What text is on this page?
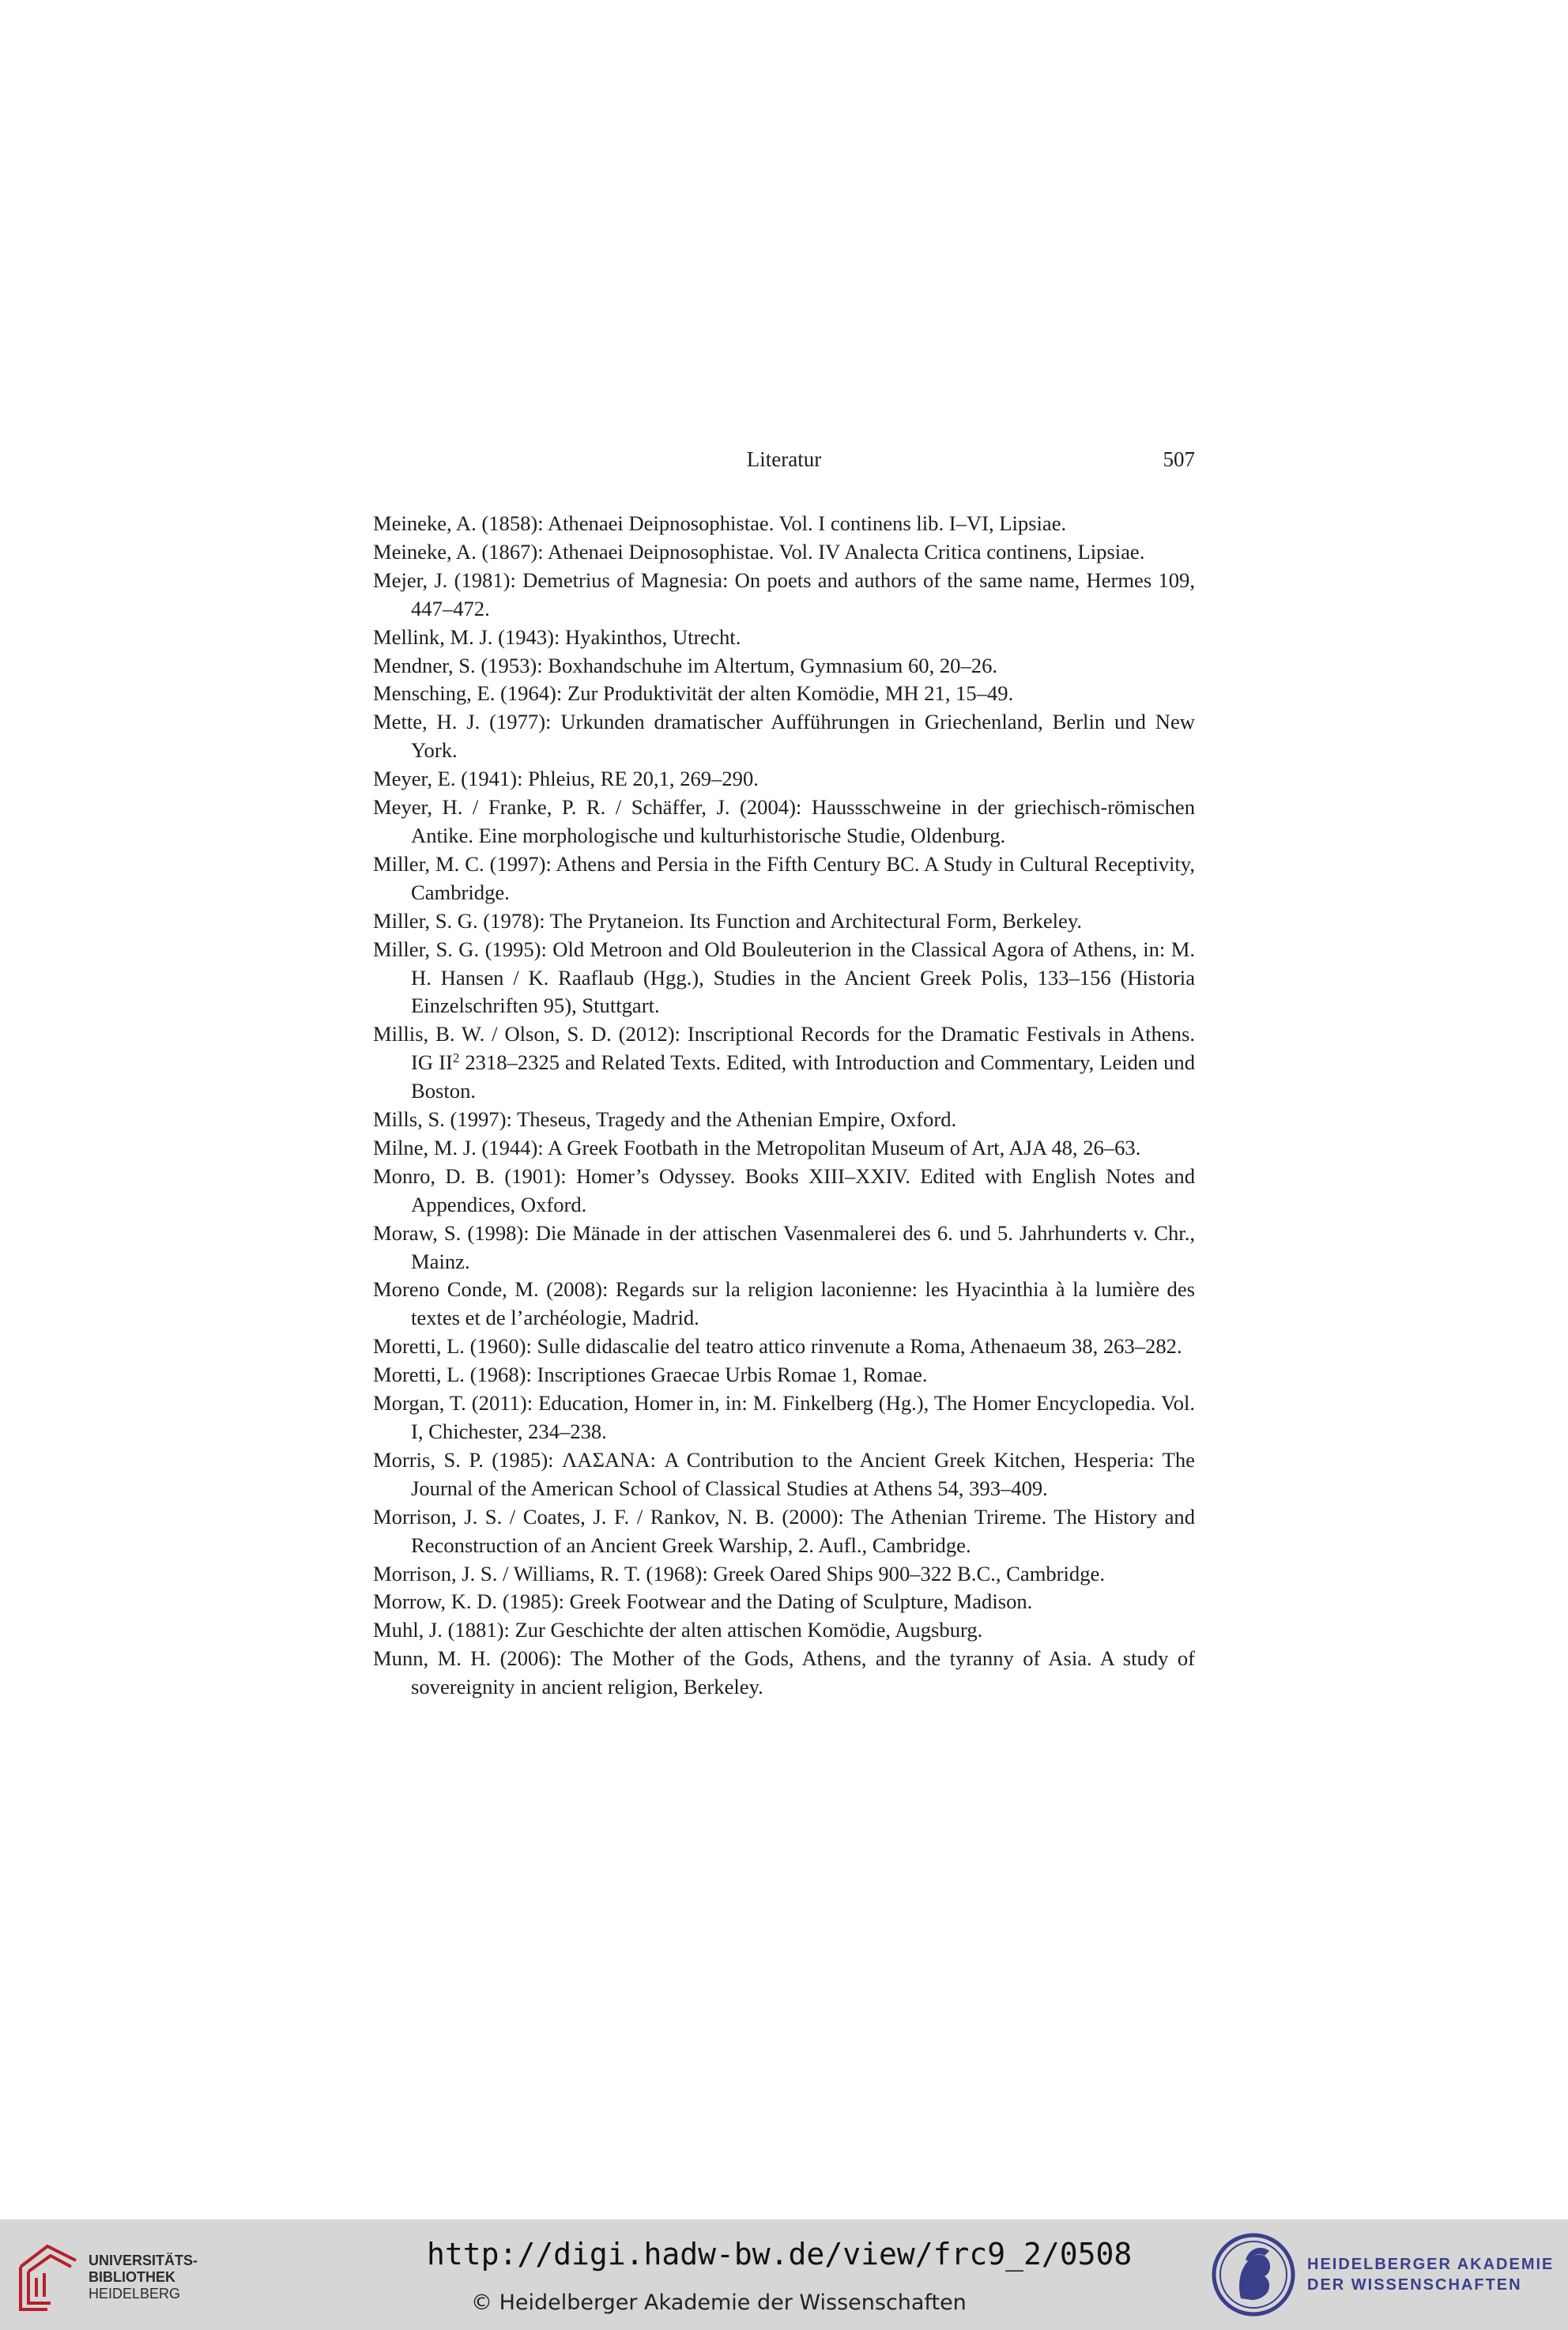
Literatur	507
Meineke, A. (1858): Athenaei Deipnosophistae. Vol. I continens lib. I–VI, Lipsiae.
Meineke, A. (1867): Athenaei Deipnosophistae. Vol. IV Analecta Critica continens, Lipsiae.
Mejer, J. (1981): Demetrius of Magnesia: On poets and authors of the same name, Hermes 109, 447–472.
Mellink, M. J. (1943): Hyakinthos, Utrecht.
Mendner, S. (1953): Boxhandschuhe im Altertum, Gymnasium 60, 20–26.
Mensching, E. (1964): Zur Produktivität der alten Komödie, MH 21, 15–49.
Mette, H. J. (1977): Urkunden dramatischer Aufführungen in Griechenland, Berlin und New York.
Meyer, E. (1941): Phleius, RE 20,1, 269–290.
Meyer, H. / Franke, P. R. / Schäffer, J. (2004): Haussschweine in der griechisch-römischen Antike. Eine morphologische und kulturhistorische Studie, Oldenburg.
Miller, M. C. (1997): Athens and Persia in the Fifth Century BC. A Study in Cultural Receptivity, Cambridge.
Miller, S. G. (1978): The Prytaneion. Its Function and Architectural Form, Berkeley.
Miller, S. G. (1995): Old Metroon and Old Bouleuterion in the Classical Agora of Athens, in: M. H. Hansen / K. Raaflaub (Hgg.), Studies in the Ancient Greek Polis, 133–156 (Historia Einzelschriften 95), Stuttgart.
Millis, B. W. / Olson, S. D. (2012): Inscriptional Records for the Dramatic Festivals in Athens. IG $II^2$ 2318–2325 and Related Texts. Edited, with Introduction and Commentary, Leiden und Boston.
Mills, S. (1997): Theseus, Tragedy and the Athenian Empire, Oxford.
Milne, M. J. (1944): A Greek Footbath in the Metropolitan Museum of Art, AJA 48, 26–63.
Monro, D. B. (1901): Homer’s Odyssey. Books XIII–XXIV. Edited with English Notes and Appendices, Oxford.
Moraw, S. (1998): Die Mänade in der attischen Vasenmalerei des 6. und 5. Jahrhunderts v. Chr., Mainz.
Moreno Conde, M. (2008): Regards sur la religion laconienne: les Hyacinthia à la lumière des textes et de l’archéologie, Madrid.
Moretti, L. (1960): Sulle didascalie del teatro attico rinvenute a Roma, Athenaeum 38, 263–282.
Moretti, L. (1968): Inscriptiones Graecae Urbis Romae 1, Romae.
Morgan, T. (2011): Education, Homer in, in: M. Finkelberg (Hg.), The Homer Encyclopedia. Vol. I, Chichester, 234–238.
Morris, S. P. (1985): ΛΑΣΑΝΑ: A Contribution to the Ancient Greek Kitchen, Hesperia: The Journal of the American School of Classical Studies at Athens 54, 393–409.
Morrison, J. S. / Coates, J. F. / Rankov, N. B. (2000): The Athenian Trireme. The History and Reconstruction of an Ancient Greek Warship, 2. Aufl., Cambridge.
Morrison, J. S. / Williams, R. T. (1968): Greek Oared Ships 900–322 B.C., Cambridge.
Morrow, K. D. (1985): Greek Footwear and the Dating of Sculpture, Madison.
Muhl, J. (1881): Zur Geschichte der alten attischen Komödie, Augsburg.
Munn, M. H. (2006): The Mother of the Gods, Athens, and the tyranny of Asia. A study of sovereignity in ancient religion, Berkeley.
UNIVERSITÄTS-
BIBLIOTHEK
HEIDELBERG
http://digi.hadw-bw.de/view/frc9_2/0508
© Heidelberger Akademie der Wissenschaften
HEIDELBERGER AKADEMIE
DER WISSENSCHAFTEN
